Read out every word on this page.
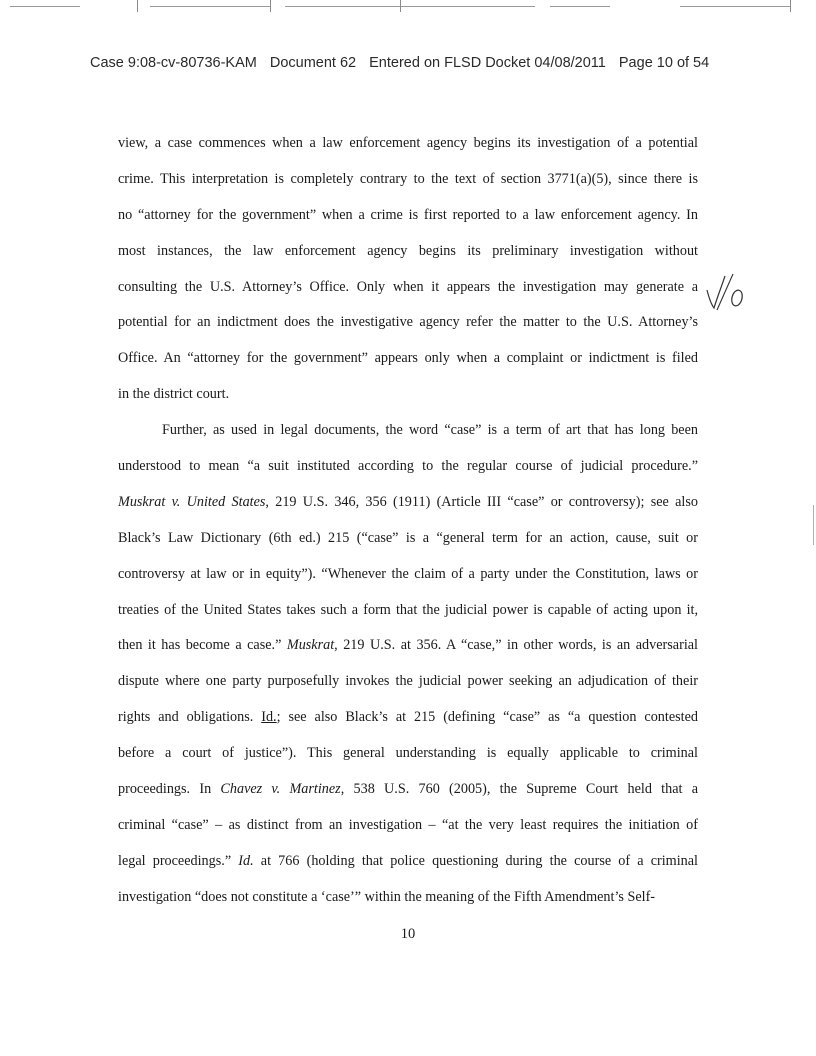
Case 9:08-cv-80736-KAM Document 62 Entered on FLSD Docket 04/08/2011 Page 10 of 54
view, a case commences when a law enforcement agency begins its investigation of a potential
crime. This interpretation is completely contrary to the text of section 3771(a)(5), since there is
no “attorney for the government” when a crime is first reported to a law enforcement agency. In
most instances, the law enforcement agency begins its preliminary investigation without
consulting the U.S. Attorney’s Office. Only when it appears the investigation may generate a
potential for an indictment does the investigative agency refer the matter to the U.S. Attorney’s
Office. An “attorney for the government” appears only when a complaint or indictment is filed
in the district court.
Further, as used in legal documents, the word “case” is a term of art that has long been
understood to mean “a suit instituted according to the regular course of judicial procedure.”
Muskrat v. United States, 219 U.S. 346, 356 (1911) (Article III “case” or controversy); see also
Black’s Law Dictionary (6th ed.) 215 (“case” is a “general term for an action, cause, suit or
controversy at law or in equity”). “Whenever the claim of a party under the Constitution, laws or
treaties of the United States takes such a form that the judicial power is capable of acting upon it,
then it has become a case.” Muskrat, 219 U.S. at 356. A “case,” in other words, is an adversarial
dispute where one party purposefully invokes the judicial power seeking an adjudication of their
rights and obligations. Id.; see also Black’s at 215 (defining “case” as “a question contested
before a court of justice”). This general understanding is equally applicable to criminal
proceedings. In Chavez v. Martinez, 538 U.S. 760 (2005), the Supreme Court held that a
criminal “case” – as distinct from an investigation – “at the very least requires the initiation of
legal proceedings.” Id. at 766 (holding that police questioning during the course of a criminal
investigation “does not constitute a ‘case’” within the meaning of the Fifth Amendment’s Self-
10
